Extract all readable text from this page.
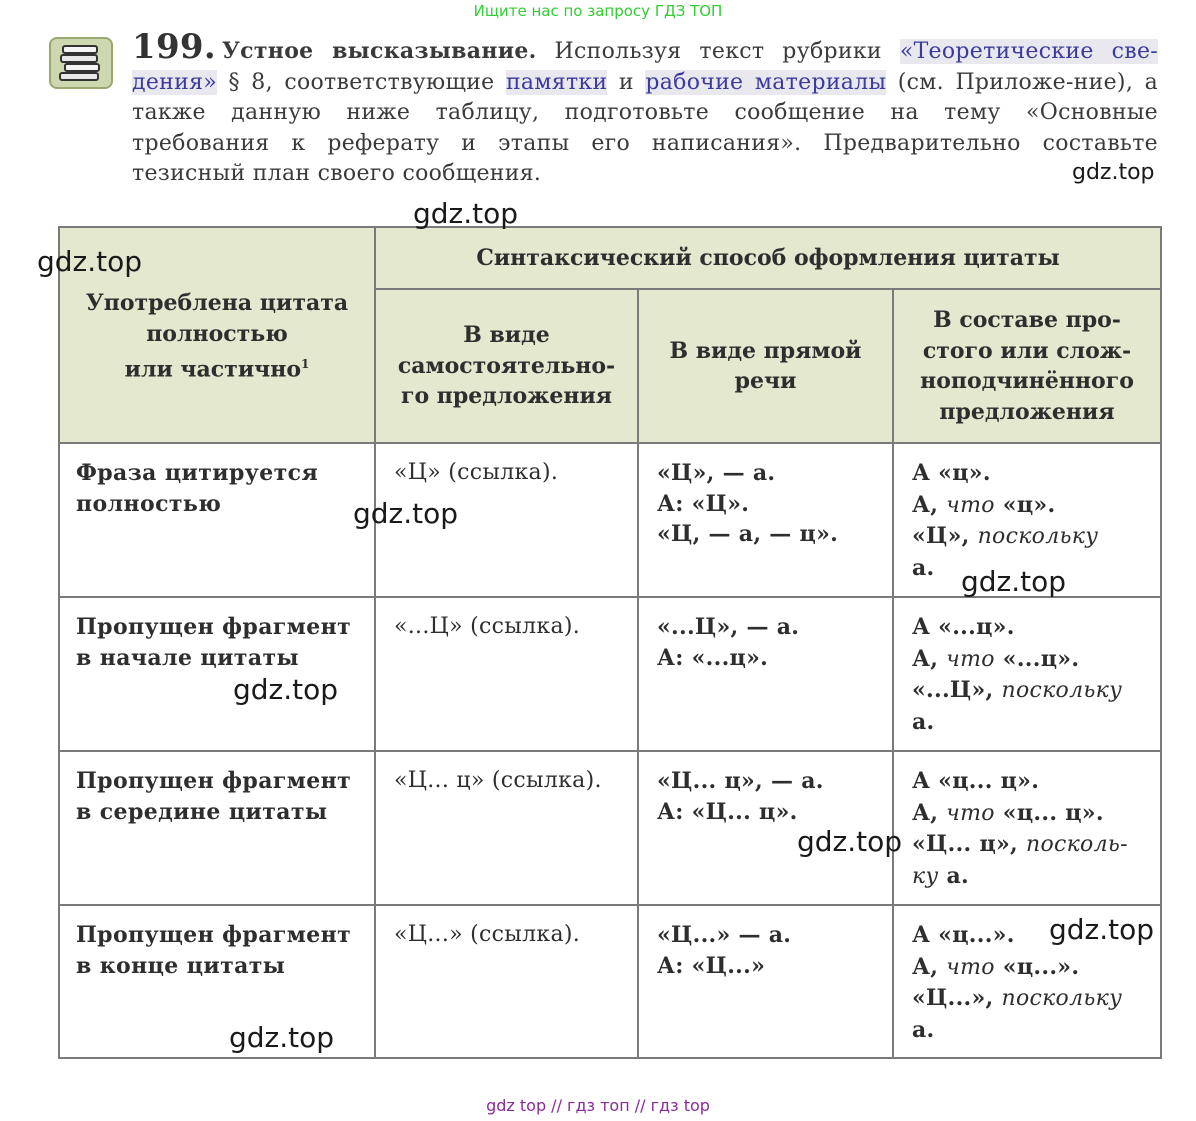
Ищите нас по запросу ГДЗ ТОП
199. Устное высказывание. Используя текст рубрики «Теоретические све-дения» § 8, соответствующие памятки и рабочие материалы (см. Приложе-ние), а также данную ниже таблицу, подготовьте сообщение на тему «Основные требования к реферату и этапы его написания». Предварительно составьте тезисный план своего сообщения.
Употреблена цитата
полностью
или частично$^1$	Синтаксический способ оформления цитаты		

	В виде
самостоятельно-
го предложения	В виде прямой
речи	В составе про-
стого или слож-
ноподчинённого
предложения

Фраза цитируется
полностью	«Ц» (ссылка).	«Ц», — а.
А: «Ц».
«Ц, — а, — ц».	А «ц».
А, что «ц».
«Ц», поскольку
а.

Пропущен фрагмент
в начале цитаты	«...Ц» (ссылка).	«...Ц», — а.
А: «...ц».	А «...ц».
А, что «...ц».
«...Ц», поскольку
а.

Пропущен фрагмент
в середине цитаты	«Ц... ц» (ссылка).	«Ц... ц», — а.
А: «Ц... ц».	А «ц... ц».
А, что «ц... ц».
«Ц... ц», посколь-
ку а.

Пропущен фрагмент
в конце цитаты	«Ц...» (ссылка).	«Ц...» — а.
А: «Ц...»	А «ц...».
А, что «ц...».
«Ц...», поскольку
а.
gdz.top
gdz.top
gdz.top
gdz.top
gdz.top
gdz.top
gdz.top
gdz.top
gdz.top
gdz top // гдз топ // гдз top
